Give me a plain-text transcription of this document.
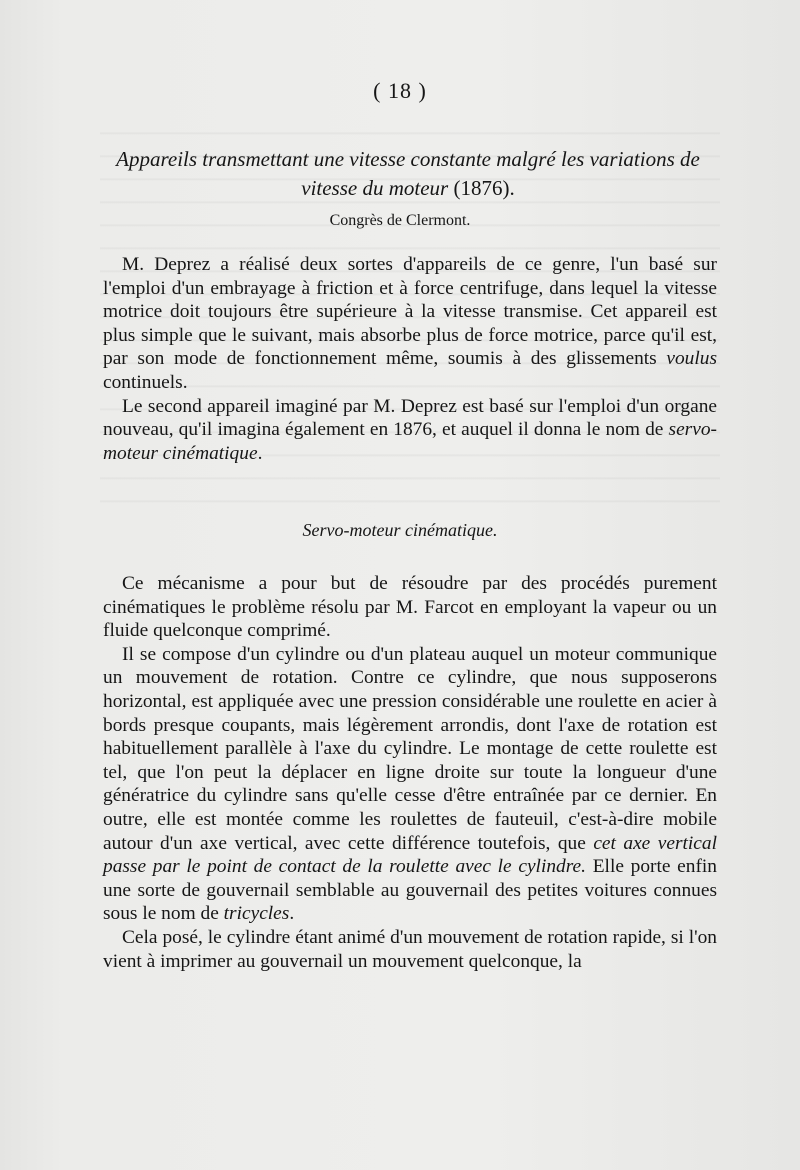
( 18 )
Appareils transmettant une vitesse constante malgré les variations de vitesse du moteur (1876).
Congrès de Clermont.

M. Deprez a réalisé deux sortes d'appareils de ce genre, l'un basé sur l'emploi d'un embrayage à friction et à force centrifuge, dans lequel la vitesse motrice doit toujours être supérieure à la vitesse transmise. Cet appareil est plus simple que le suivant, mais absorbe plus de force motrice, parce qu'il est, par son mode de fonctionnement même, soumis à des glissements voulus continuels.

Le second appareil imaginé par M. Deprez est basé sur l'emploi d'un organe nouveau, qu'il imagina également en 1876, et auquel il donna le nom de servo-moteur cinématique.

Servo-moteur cinématique.

Ce mécanisme a pour but de résoudre par des procédés purement cinématiques le problème résolu par M. Farcot en employant la vapeur ou un fluide quelconque comprimé.

Il se compose d'un cylindre ou d'un plateau auquel un moteur communique un mouvement de rotation. Contre ce cylindre, que nous supposerons horizontal, est appliquée avec une pression considérable une roulette en acier à bords presque coupants, mais légèrement arrondis, dont l'axe de rotation est habituellement parallèle à l'axe du cylindre. Le montage de cette roulette est tel, que l'on peut la déplacer en ligne droite sur toute la longueur d'une génératrice du cylindre sans qu'elle cesse d'être entraînée par ce dernier. En outre, elle est montée comme les roulettes de fauteuil, c'est-à-dire mobile autour d'un axe vertical, avec cette différence toutefois, que cet axe vertical passe par le point de contact de la roulette avec le cylindre. Elle porte enfin une sorte de gouvernail semblable au gouvernail des petites voitures connues sous le nom de tricycles.

Cela posé, le cylindre étant animé d'un mouvement de rotation rapide, si l'on vient à imprimer au gouvernail un mouvement quelconque, la
